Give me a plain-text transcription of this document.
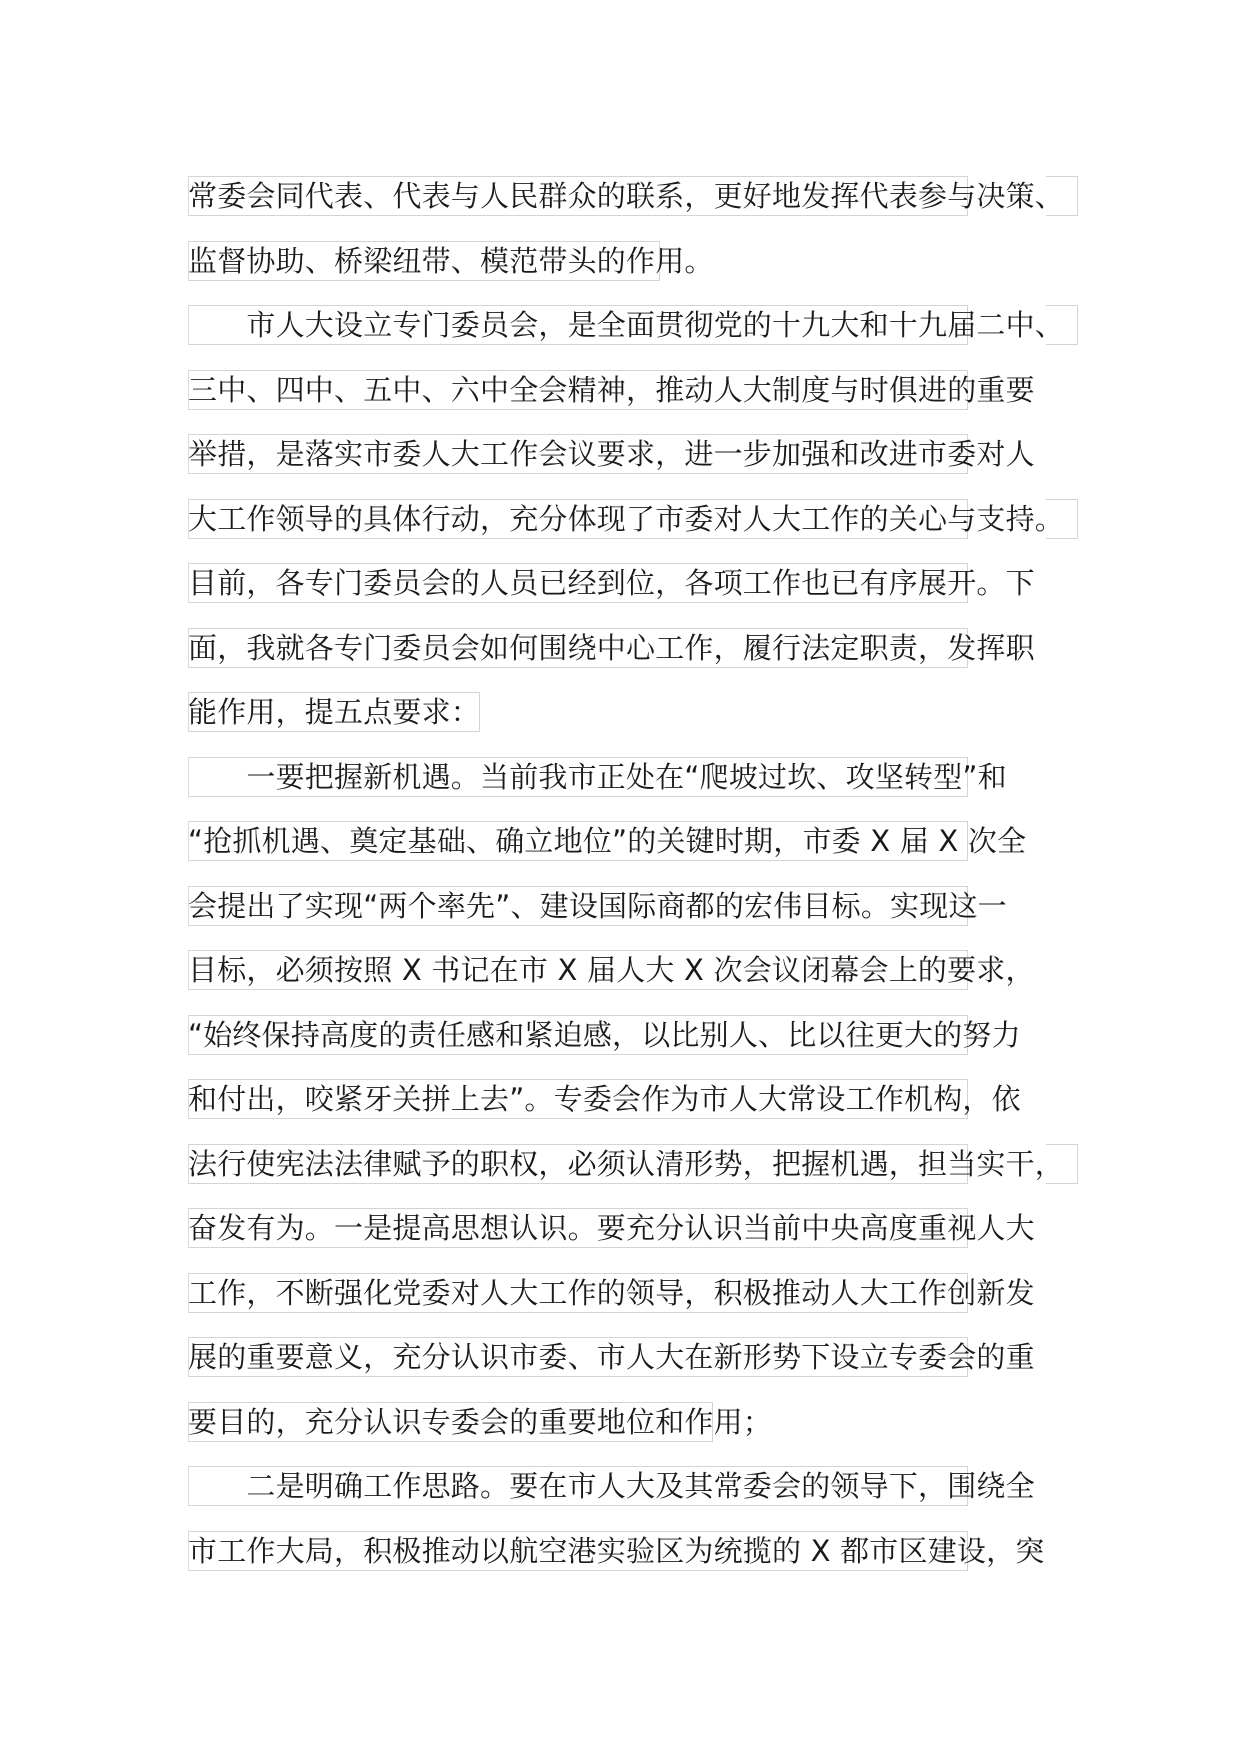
常委会同代表、代表与人民群众的联系，更好地发挥代表参与决策、
监督协助、桥梁纽带、模范带头的作用。
　　市人大设立专门委员会，是全面贯彻党的十九大和十九届二中、
三中、四中、五中、六中全会精神，推动人大制度与时俱进的重要
举措，是落实市委人大工作会议要求，进一步加强和改进市委对人
大工作领导的具体行动，充分体现了市委对人大工作的关心与支持。
目前，各专门委员会的人员已经到位，各项工作也已有序展开。下
面，我就各专门委员会如何围绕中心工作，履行法定职责，发挥职
能作用，提五点要求：
　　一要把握新机遇。当前我市正处在“爬坡过坎、攻坚转型”和
“抢抓机遇、奠定基础、确立地位”的关键时期，市委 X 届 X 次全
会提出了实现“两个率先”、建设国际商都的宏伟目标。实现这一
目标，必须按照 X 书记在市 X 届人大 X 次会议闭幕会上的要求，
“始终保持高度的责任感和紧迫感，以比别人、比以往更大的努力
和付出，咬紧牙关拼上去”。专委会作为市人大常设工作机构，依
法行使宪法法律赋予的职权，必须认清形势，把握机遇，担当实干，
奋发有为。一是提高思想认识。要充分认识当前中央高度重视人大
工作，不断强化党委对人大工作的领导，积极推动人大工作创新发
展的重要意义，充分认识市委、市人大在新形势下设立专委会的重
要目的，充分认识专委会的重要地位和作用；
　　二是明确工作思路。要在市人大及其常委会的领导下，围绕全
市工作大局，积极推动以航空港实验区为统揽的 X 都市区建设，突
